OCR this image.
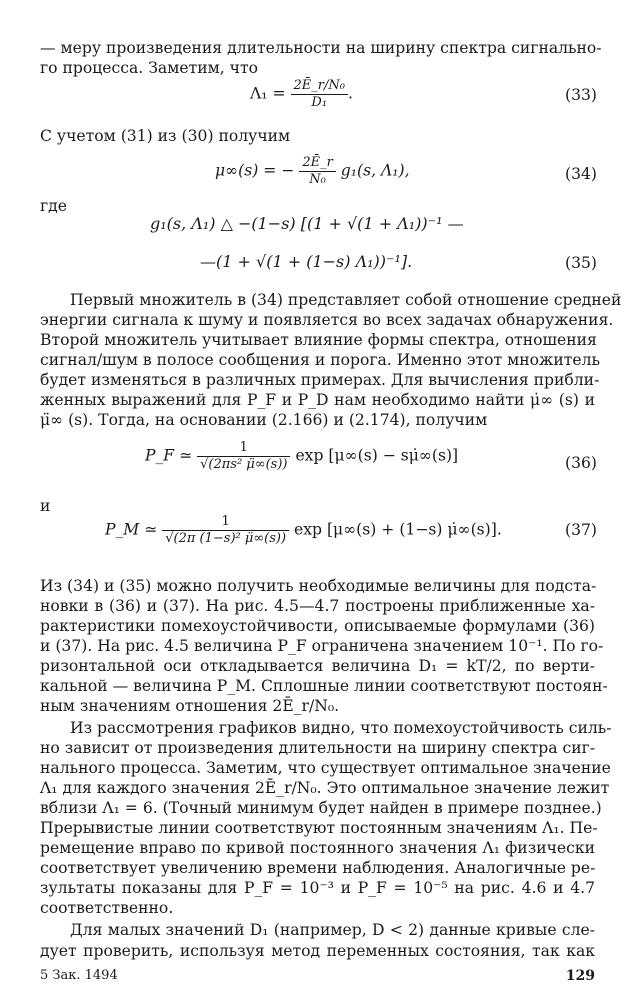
— меру произведения длительности на ширину спектра сигнально-
го процесса. Заметим, что
$\Lambda_1 = \frac{\text{2Ē\_r/N₀}}{\text{D₁}}$ .	(33)
С учетом (31) из (30) получим
μ∞(s) = − $\frac{2Ē\_r}{\text{N₀}} g_1(s$, Λ₁),	(34)
где
g₁(s, Λ₁) △ −(1−s) [(1 + √(1 + Λ₁))⁻¹ —
—(1 + √(1 + (1−s) Λ₁))⁻¹].	(35)
Первый множитель в (34) представляет собой отношение средней
энергии сигнала к шуму и появляется во всех задачах обнаружения.
Второй множитель учитывает влияние формы спектра, отношения
сигнал/шум в полосе сообщения и порога. Именно этот множитель
будет изменяться в различных примерах. Для вычисления прибли-
женных выражений для P_F и P_D нам необходимо найти μ̇∞ (s) и
μ̈∞ (s). Тогда, на основании (2.166) и (2.174), получим
P_F ≃ $\frac{1}{\text{√(2πs² μ̈∞(s))}}$ exp [μ∞(s) − sμ̇∞(s)]	(36)
и
P_M ≃ $\frac{1}{\text{√(2π (1−s)² μ̈∞(s))}}$ exp [μ∞(s) + (1−s) μ̇∞(s)].	(37)
Из (34) и (35) можно получить необходимые величины для подста-
новки в (36) и (37). На рис. 4.5—4.7 построены приближенные ха-
рактеристики помехоустойчивости, описываемые формулами (36)
и (37). На рис. 4.5 величина P_F ограничена значением 10⁻¹. По го-
ризонтальной оси откладывается величина D₁ = kT/2, по верти-
кальной — величина P_M. Сплошные линии соответствуют постоян-
ным значениям отношения 2Ē_r/N₀.
Из рассмотрения графиков видно, что помехоустойчивость силь-
но зависит от произведения длительности на ширину спектра сиг-
нального процесса. Заметим, что существует оптимальное значение
Λ₁ для каждого значения 2Ē_r/N₀. Это оптимальное значение лежит
вблизи Λ₁ = 6. (Точный минимум будет найден в примере позднее.)
Прерывистые линии соответствуют постоянным значениям Λ₁. Пе-
ремещение вправо по кривой постоянного значения Λ₁ физически
соответствует увеличению времени наблюдения. Аналогичные ре-
зультаты показаны для P_F = 10⁻³ и P_F = 10⁻⁵ на рис. 4.6 и 4.7
соответственно.
Для малых значений D₁ (например, D < 2) данные кривые сле-
дует проверить, используя метод переменных состояния, так как
5 Зак. 1494	129
